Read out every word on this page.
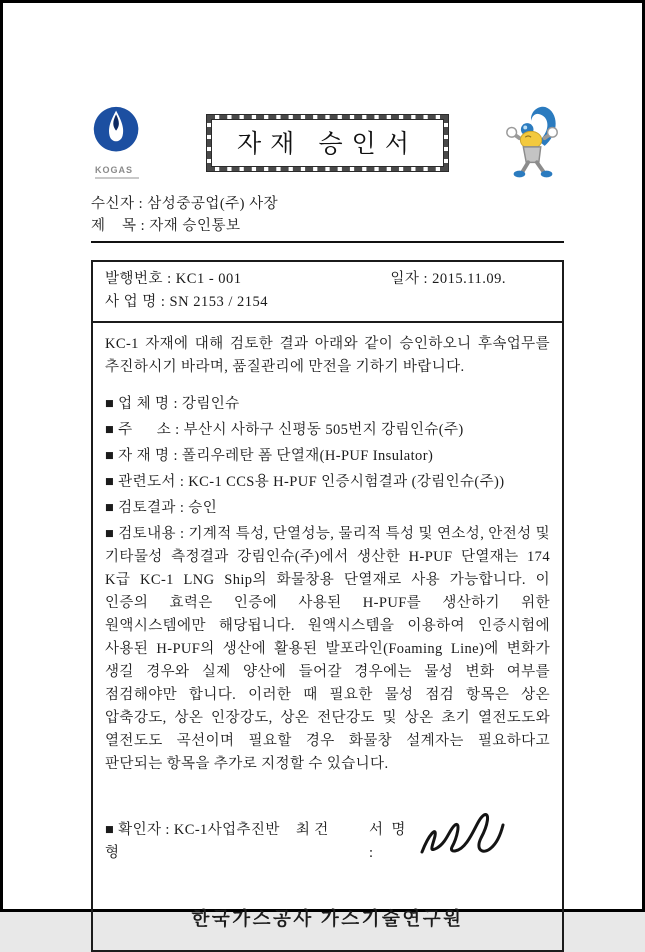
KOGAS
자재 승인서
수신자 : 삼성중공업(주) 사장
제    목 : 자재 승인통보
발행번호 : KC1 - 001	일자 : 2015.11.09.
사 업 명 : SN 2153 / 2154

KC-1 자재에 대해 검토한 결과 아래와 같이 승인하오니 후속업무를 추진하시기 바라며, 품질관리에 만전을 기하기 바랍니다.

■ 업 체 명 : 강림인슈
■ 주      소 : 부산시 사하구 신평동 505번지 강림인슈(주)
■ 자 재 명 : 폴리우레탄 폼 단열재(H-PUF Insulator)
■ 관련도서 : KC-1 CCS용 H-PUF 인증시험결과 (강림인슈(주))
■ 검토결과 : 승인

■ 검토내용 : 기계적 특성, 단열성능, 물리적 특성 및 연소성, 안전성 및 기타물성 측정결과 강림인슈(주)에서 생산한 H-PUF 단열재는 174 K급 KC-1 LNG Ship의 화물창용 단열재로 사용 가능합니다. 이 인증의 효력은 인증에 사용된 H-PUF를 생산하기 위한 원액시스템에만 해당됩니다. 원액시스템을 이용하여 인증시험에 사용된 H-PUF의 생산에 활용된 발포라인(Foaming Line)에 변화가 생길 경우와 실제 양산에 들어갈 경우에는 물성 변화 여부를 점검해야만 합니다. 이러한 때 필요한 물성 점검 항목은 상온 압축강도, 상온 인장강도, 상온 전단강도 및 상온 초기 열전도도와 열전도도 곡선이며 필요할 경우 화물창 설계자는 필요하다고 판단되는 항목을 추가로 지정할 수 있습니다.

■ 확인자 : KC-1사업추진반    최 건 형
서  명 :

한국가스공사 가스기술연구원
